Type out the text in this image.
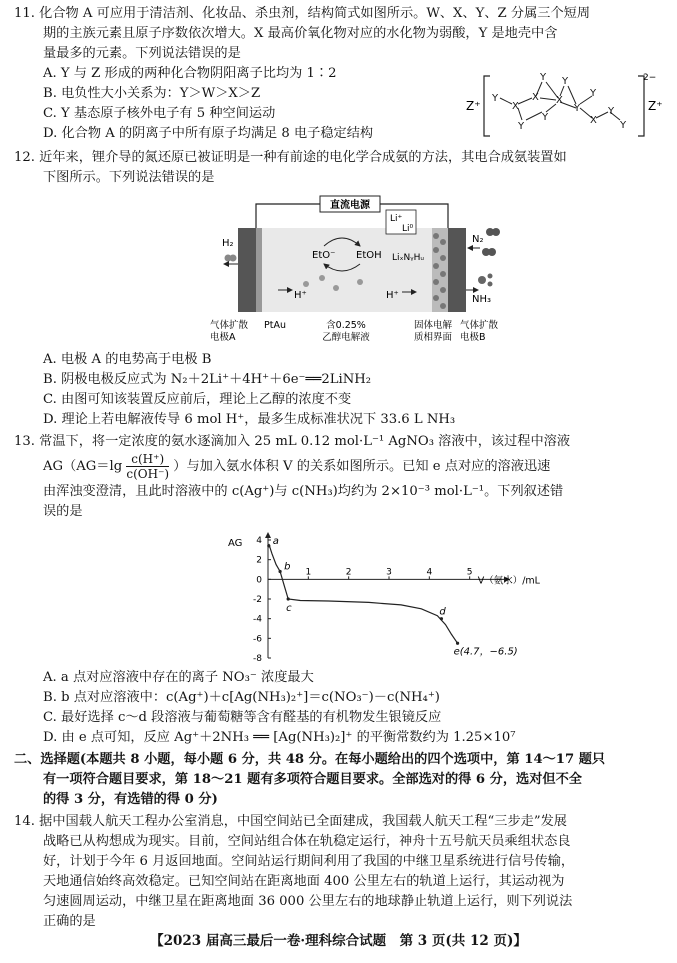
11. 化合物 A 可应用于清洁剂、化妆品、杀虫剂，结构简式如图所示。W、X、Y、Z 分属三个短周
期的主族元素且原子序数依次增大。X 最高价氧化物对应的水化物为弱酸，Y 是地壳中含
量最多的元素。下列说法错误的是
A. Y 与 Z 形成的两种化合物阴阳离子比均为 1∶2
B. 电负性大小关系为：Y＞W＞X＞Z
C. Y 基态原子核外电子有 5 种空间运动
D. 化合物 A 的阴离子中所有原子均满足 8 电子稳定结构
Z⁺
2−
Z⁺
Y
X
Y
X
Y
Y
X
Y
Y
Y
X
Y
Y
12. 近年来，锂介导的氮还原已被证明是一种有前途的电化学合成氨的方法，其电合成氨装置如
下图所示。下列说法错误的是
直流电源
H₂
H⁺	H⁺
EtO⁻ EtOH
Li⁺
Li⁰
LiₓNᵧHᵤ
N₂
NH₃
气体扩散
电极A
PtAu	含0.25%
乙醇电解液
固体电解
质相界面
气体扩散
电极B
A. 电极 A 的电势高于电极 B
B. 阴极电极反应式为 N₂＋2Li⁺＋4H⁺＋6e⁻══2LiNH₂
C. 由图可知该装置反应前后，理论上乙醇的浓度不变
D. 理论上若电解液传导 6 mol H⁺，最多生成标准状况下 33.6 L NH₃
13. 常温下，将一定浓度的氨水逐滴加入 25 mL 0.12 mol·L⁻¹ AgNO₃ 溶液中，该过程中溶液
$AG(AG=\lg \frac{c(H^+)}{c(OH^-)}$ ）与加入氨水体积 V 的关系如图所示。已知 e 点对应的溶液迅速
由浑浊变澄清，且此时溶液中的 c(Ag⁺)与 c(NH₃)均约为 2×10⁻³ mol·L⁻¹。下列叙述错
误的是
AG
V（氨水）/mL
4
2
0
-2
-4
-6
-8
1	2	3	4	5
a
b
c	d
e(4.7，−6.5)
A. a 点对应溶液中存在的离子 NO₃⁻ 浓度最大
B. b 点对应溶液中：c(Ag⁺)＋c[Ag(NH₃)₂⁺]＝c(NO₃⁻)－c(NH₄⁺)
C. 最好选择 c～d 段溶液与葡萄糖等含有醛基的有机物发生银镜反应
D. 由 e 点可知，反应 Ag⁺＋2NH₃ ══ [Ag(NH₃)₂]⁺ 的平衡常数约为 1.25×10⁷
二、选择题(本题共 8 小题，每小题 6 分，共 48 分。在每小题给出的四个选项中，第 14～17 题只
有一项符合题目要求，第 18～21 题有多项符合题目要求。全部选对的得 6 分，选对但不全
的得 3 分，有选错的得 0 分)
14. 据中国载人航天工程办公室消息，中国空间站已全面建成，我国载人航天工程“三步走”发展
战略已从构想成为现实。目前，空间站组合体在轨稳定运行，神舟十五号航天员乘组状态良
好，计划于今年 6 月返回地面。空间站运行期间利用了我国的中继卫星系统进行信号传输，
天地通信始终高效稳定。已知空间站在距离地面 400 公里左右的轨道上运行，其运动视为
匀速圆周运动，中继卫星在距离地面 36 000 公里左右的地球静止轨道上运行，则下列说法
正确的是
【2023 届高三最后一卷·理科综合试题　第 3 页(共 12 页)】
